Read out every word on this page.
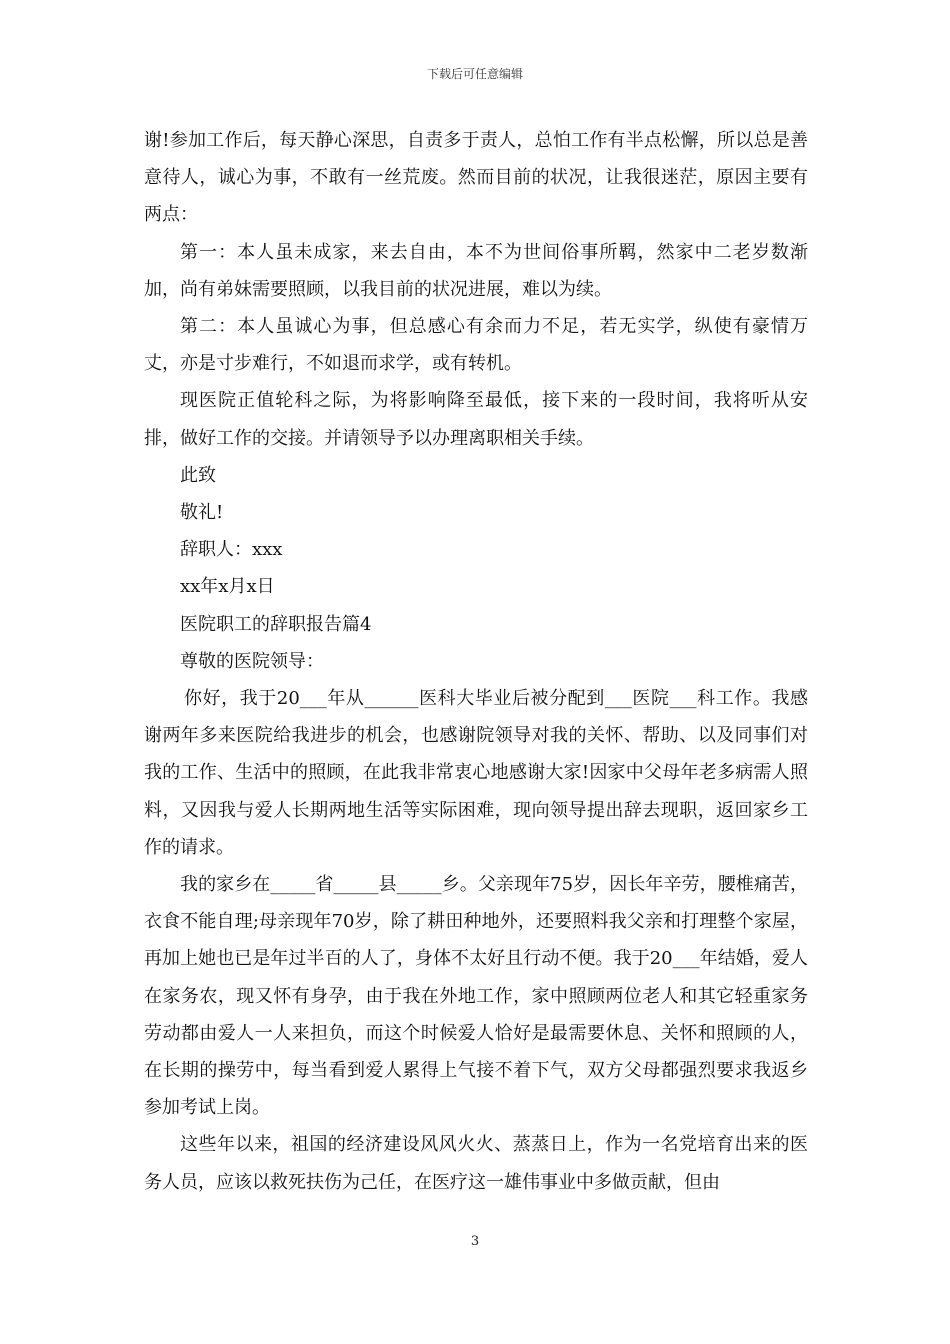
下载后可任意编辑

谢!参加工作后，每天静心深思，自责多于责人，总怕工作有半点松懈，所以总是善意待人，诚心为事，不敢有一丝荒废。然而目前的状况，让我很迷茫，原因主要有两点：

第一：本人虽未成家，来去自由，本不为世间俗事所羁，然家中二老岁数渐加，尚有弟妹需要照顾，以我目前的状况进展，难以为续。

第二：本人虽诚心为事，但总感心有余而力不足，若无实学，纵使有豪情万丈，亦是寸步难行，不如退而求学，或有转机。

现医院正值轮科之际，为将影响降至最低，接下来的一段时间，我将听从安排，做好工作的交接。并请领导予以办理离职相关手续。

此致

敬礼!

辞职人：xxx

xx年x月x日

医院职工的辞职报告篇4

尊敬的医院领导：

你好，我于20___年从______医科大毕业后被分配到___医院___科工作。我感谢两年多来医院给我进步的机会，也感谢院领导对我的关怀、帮助、以及同事们对我的工作、生活中的照顾，在此我非常衷心地感谢大家!因家中父母年老多病需人照料，又因我与爱人长期两地生活等实际困难，现向领导提出辞去现职，返回家乡工作的请求。

我的家乡在_____省_____县_____乡。父亲现年75岁，因长年辛劳，腰椎痛苦，衣食不能自理;母亲现年70岁，除了耕田种地外，还要照料我父亲和打理整个家屋，再加上她也已是年过半百的人了，身体不太好且行动不便。我于20___年结婚，爱人在家务农，现又怀有身孕，由于我在外地工作，家中照顾两位老人和其它轻重家务劳动都由爱人一人来担负，而这个时候爱人恰好是最需要休息、关怀和照顾的人，在长期的操劳中，每当看到爱人累得上气接不着下气，双方父母都强烈要求我返乡参加考试上岗。

这些年以来，祖国的经济建设风风火火、蒸蒸日上，作为一名党培育出来的医务人员，应该以救死扶伤为己任，在医疗这一雄伟事业中多做贡献，但由

3
